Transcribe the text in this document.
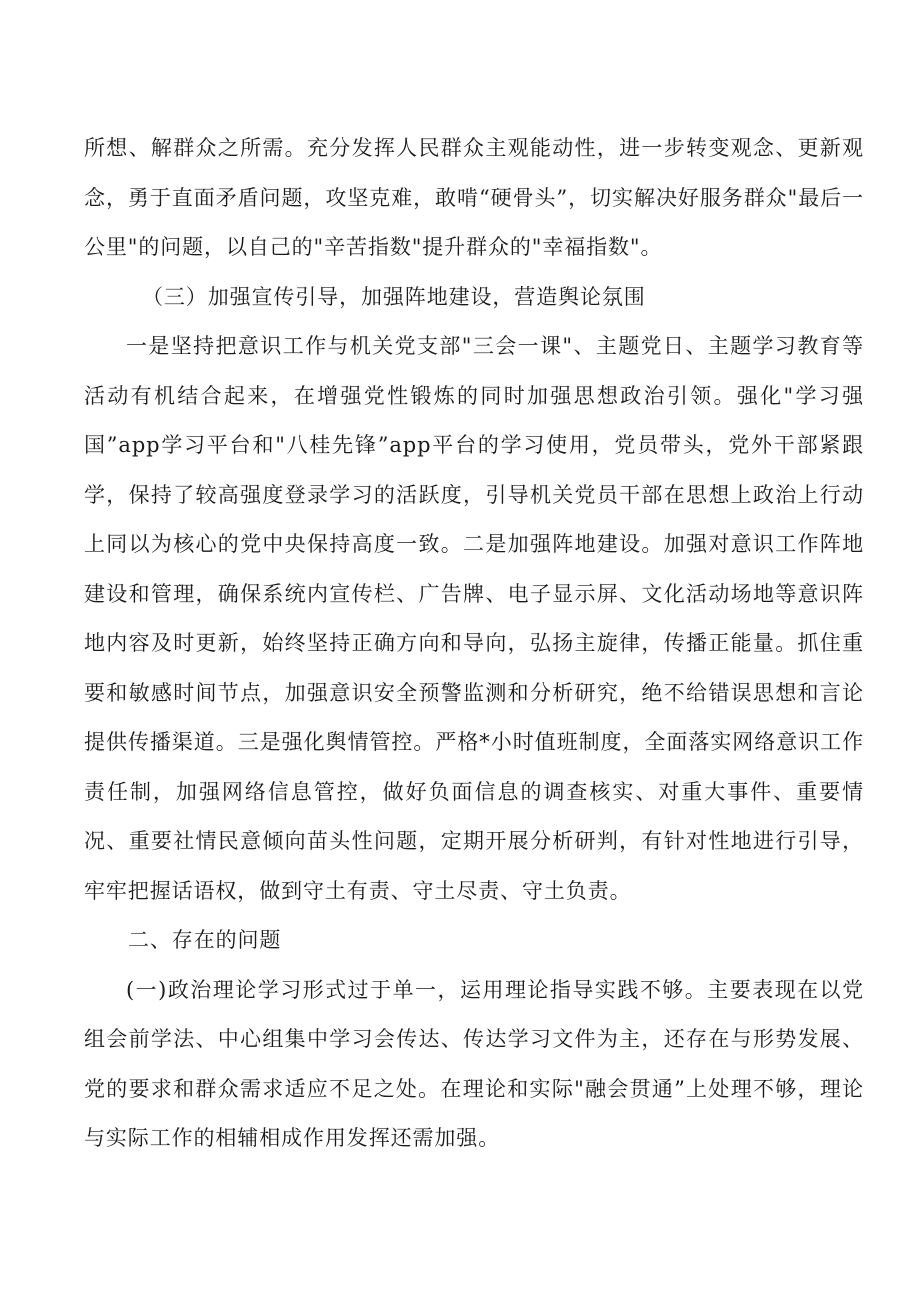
所想、解群众之所需。充分发挥人民群众主观能动性，进一步转变观念、更新观念，勇于直面矛盾问题，攻坚克难，敢啃“硬骨头”，切实解决好服务群众"最后一公里"的问题，以自己的"辛苦指数"提升群众的"幸福指数"。

（三）加强宣传引导，加强阵地建设，营造舆论氛围

一是坚持把意识工作与机关党支部"三会一课"、主题党日、主题学习教育等活动有机结合起来，在增强党性锻炼的同时加强思想政治引领。强化"学习强国”app学习平台和"八桂先锋”app平台的学习使用，党员带头，党外干部紧跟学，保持了较高强度登录学习的活跃度，引导机关党员干部在思想上政治上行动上同以为核心的党中央保持高度一致。二是加强阵地建设。加强对意识工作阵地建设和管理，确保系统内宣传栏、广告牌、电子显示屏、文化活动场地等意识阵地内容及时更新，始终坚持正确方向和导向，弘扬主旋律，传播正能量。抓住重要和敏感时间节点，加强意识安全预警监测和分析研究，绝不给错误思想和言论提供传播渠道。三是强化舆情管控。严格*小时值班制度，全面落实网络意识工作责任制，加强网络信息管控，做好负面信息的调查核实、对重大事件、重要情况、重要社情民意倾向苗头性问题，定期开展分析研判，有针对性地进行引导，牢牢把握话语权，做到守土有责、守土尽责、守土负责。

二、存在的问题

(一)政治理论学习形式过于单一，运用理论指导实践不够。主要表现在以党组会前学法、中心组集中学习会传达、传达学习文件为主，还存在与形势发展、党的要求和群众需求适应不足之处。在理论和实际"融会贯通”上处理不够，理论与实际工作的相辅相成作用发挥还需加强。
